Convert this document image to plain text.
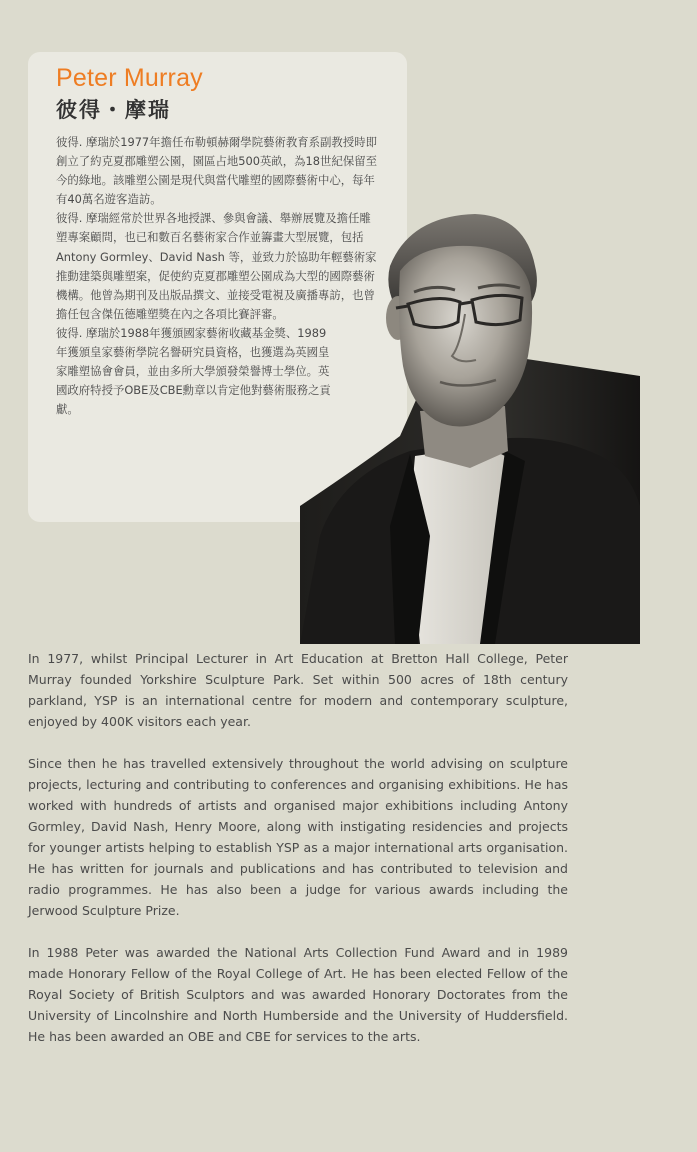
Peter Murray
彼得・摩瑞

彼得. 摩瑞於1977年擔任布勒頓赫爾學院藝術教育系副教授時即創立了約克夏郡雕塑公園，園區占地500英畝，為18世紀保留至今的綠地。該雕塑公園是現代與當代雕塑的國際藝術中心，每年有40萬名遊客造訪。

彼得. 摩瑞經常於世界各地授課、參與會議、舉辦展覽及擔任雕塑專案顧問，也已和數百名藝術家合作並籌畫大型展覽，包括Antony Gormley、David Nash 等，並致力於協助年輕藝術家推動建築與雕塑案，促使約克夏郡雕塑公園成為大型的國際藝術機構。他曾為期刊及出版品撰文、並接受電視及廣播專訪，也曾擔任包含傑伍德雕塑獎在內之各項比賽評審。

彼得. 摩瑞於1988年獲頒國家藝術收藏基金獎、1989年獲頒皇家藝術學院名譽研究員資格，也獲選為英國皇家雕塑協會會員，並由多所大學頒發榮譽博士學位。英國政府特授予OBE及CBE勳章以肯定他對藝術服務之貢獻。

In 1977, whilst Principal Lecturer in Art Education at Bretton Hall College, Peter Murray founded Yorkshire Sculpture Park. Set within 500 acres of 18th century parkland, YSP is an international centre for modern and contemporary sculpture, enjoyed by 400K visitors each year.

Since then he has travelled extensively throughout the world advising on sculpture projects, lecturing and contributing to conferences and organising exhibitions. He has worked with hundreds of artists and organised major exhibitions including Antony Gormley, David Nash, Henry Moore, along with instigating residencies and projects for younger artists helping to establish YSP as a major international arts organisation. He has written for journals and publications and has contributed to television and radio programmes. He has also been a judge for various awards including the Jerwood Sculpture Prize.

In 1988 Peter was awarded the National Arts Collection Fund Award and in 1989 made Honorary Fellow of the Royal College of Art. He has been elected Fellow of the Royal Society of British Sculptors and was awarded Honorary Doctorates from the University of Lincolnshire and North Humberside and the University of Huddersfield. He has been awarded an OBE and CBE for services to the arts.
